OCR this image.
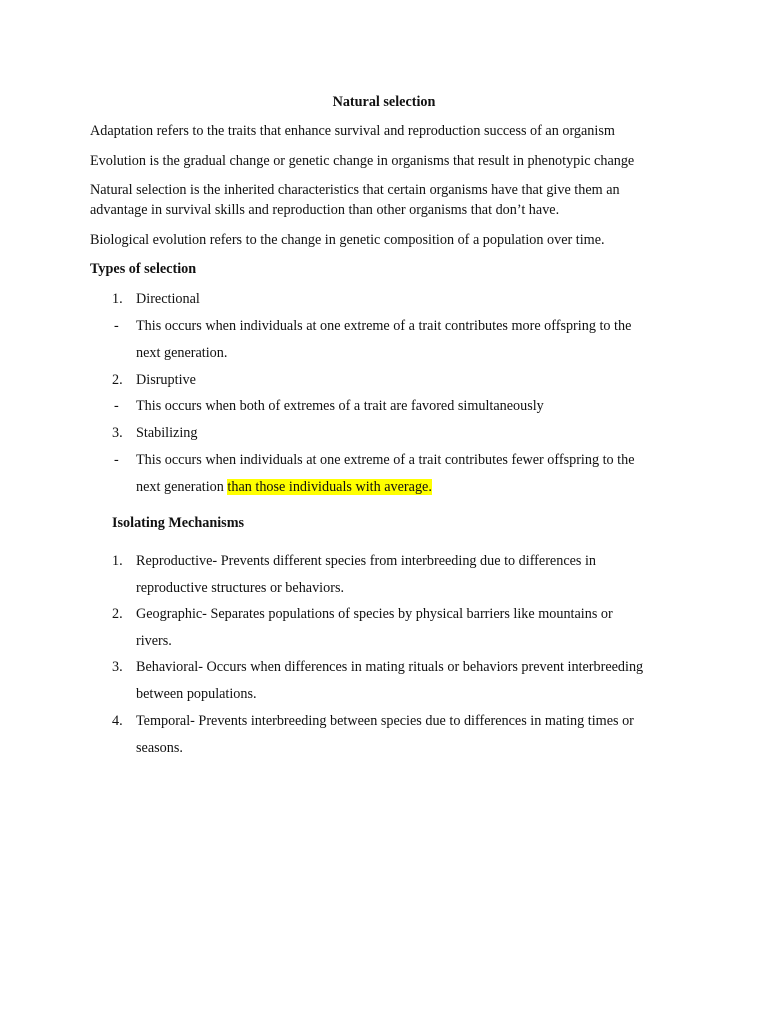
Natural selection
Adaptation refers to the traits that enhance survival and reproduction success of an organism
Evolution is the gradual change or genetic change in organisms that result in phenotypic change
Natural selection is the inherited characteristics that certain organisms have that give them an
advantage in survival skills and reproduction than other organisms that don’t have.
Biological evolution refers to the change in genetic composition of a population over time.
Types of selection
1. Directional
- This occurs when individuals at one extreme of a trait contributes more offspring to the
next generation.
2. Disruptive
- This occurs when both of extremes of a trait are favored simultaneously
3. Stabilizing
- This occurs when individuals at one extreme of a trait contributes fewer offspring to the
next generation than those individuals with average.
Isolating Mechanisms
1. Reproductive- Prevents different species from interbreeding due to differences in
reproductive structures or behaviors.
2. Geographic- Separates populations of species by physical barriers like mountains or
rivers.
3. Behavioral- Occurs when differences in mating rituals or behaviors prevent interbreeding
between populations.
4. Temporal- Prevents interbreeding between species due to differences in mating times or
seasons.
